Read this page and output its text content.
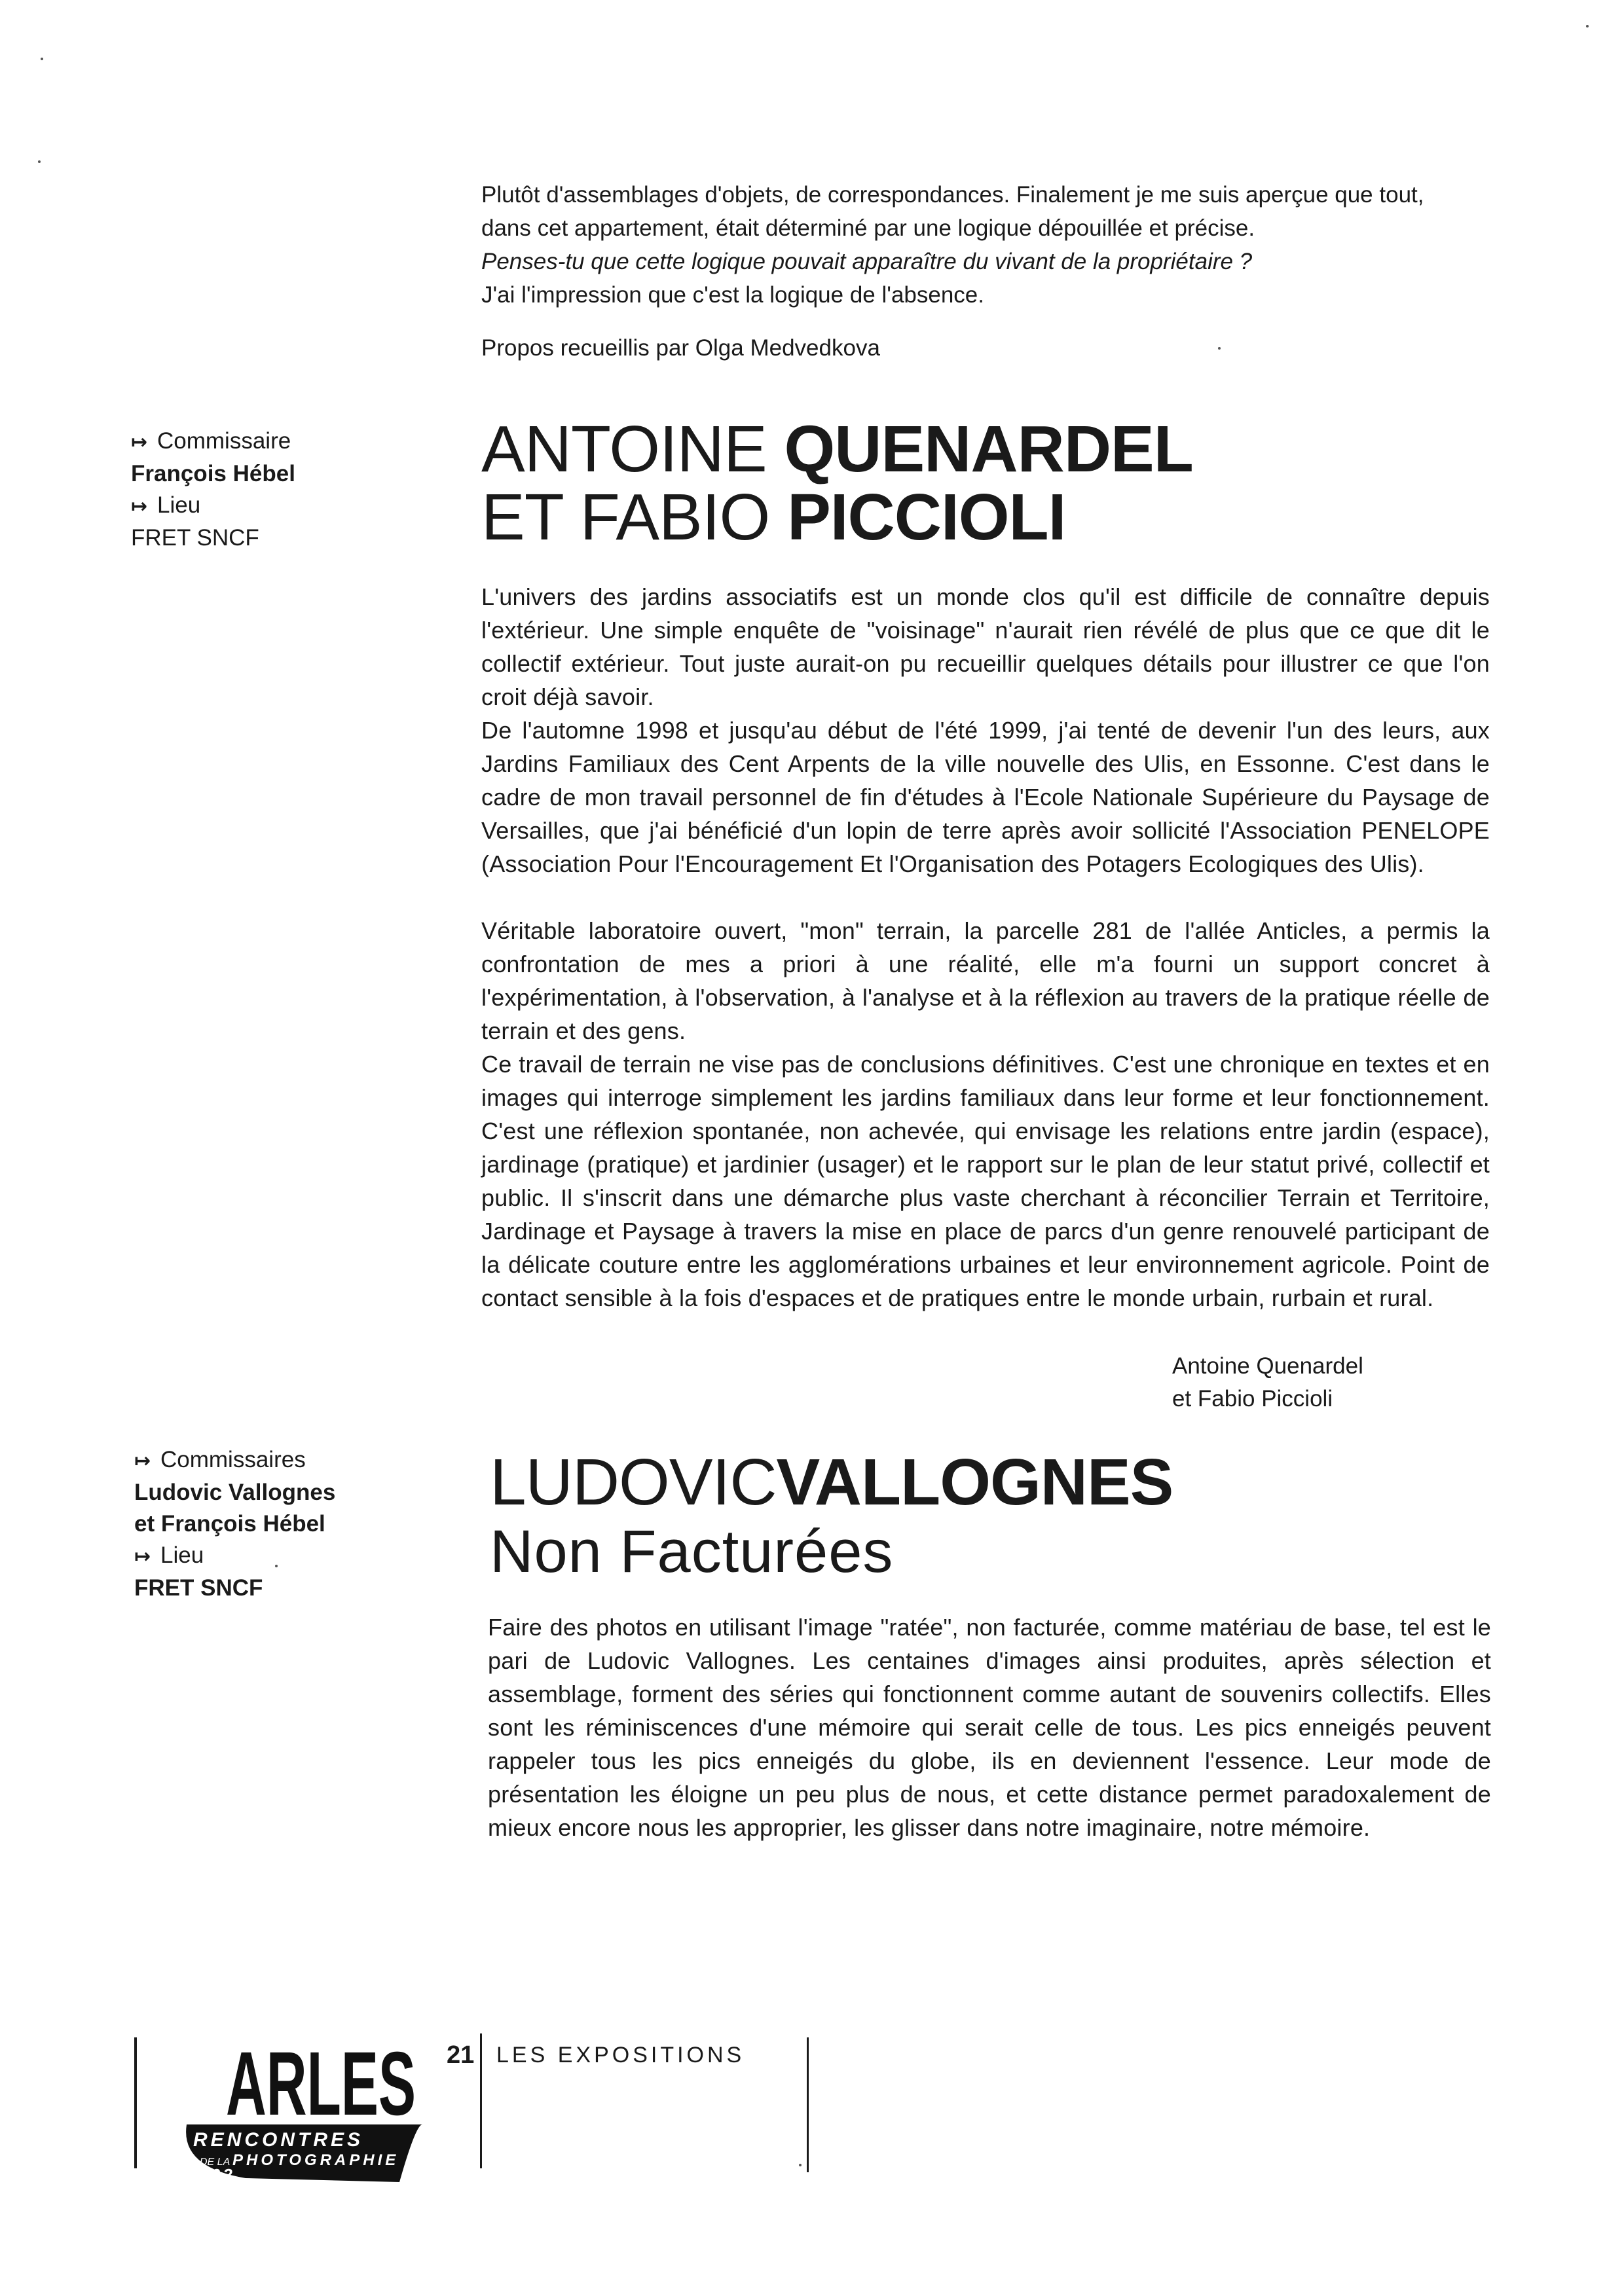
Plutôt d'assemblages d'objets, de correspondances. Finalement je me suis aperçue que tout,

dans cet appartement, était déterminé par une logique dépouillée et précise.

Penses-tu que cette logique pouvait apparaître du vivant de la propriétaire ?

J'ai l'impression que c'est la logique de l'absence.

Propos recueillis par Olga Medvedkova

↦ Commissaire
François Hébel
↦ Lieu
FRET SNCF
ANTOINE QUENARDEL
ET FABIO PICCIOLI

L'univers des jardins associatifs est un monde clos qu'il est difficile de connaître depuis l'extérieur. Une simple enquête de "voisinage" n'aurait rien révélé de plus que ce que dit le collectif extérieur. Tout juste aurait-on pu recueillir quelques détails pour illustrer ce que l'on croit déjà savoir.

De l'automne 1998 et jusqu'au début de l'été 1999, j'ai tenté de devenir l'un des leurs, aux Jardins Familiaux des Cent Arpents de la ville nouvelle des Ulis, en Essonne. C'est dans le cadre de mon travail personnel de fin d'études à l'Ecole Nationale Supérieure du Paysage de Versailles, que j'ai bénéficié d'un lopin de terre après avoir sollicité l'Association PENELOPE (Association Pour l'Encouragement Et l'Organisation des Potagers Ecologiques des Ulis).

Véritable laboratoire ouvert, "mon" terrain, la parcelle 281 de l'allée Anticles, a permis la confrontation de mes a priori à une réalité, elle m'a fourni un support concret à l'expérimentation, à l'observation, à l'analyse et à la réflexion au travers de la pratique réelle de terrain et des gens.

Ce travail de terrain ne vise pas de conclusions définitives. C'est une chronique en textes et en images qui interroge simplement les jardins familiaux dans leur forme et leur fonctionnement. C'est une réflexion spontanée, non achevée, qui envisage les relations entre jardin (espace), jardinage (pratique) et jardinier (usager) et le rapport sur le plan de leur statut privé, collectif et public. Il s'inscrit dans une démarche plus vaste cherchant à réconcilier Terrain et Territoire, Jardinage et Paysage à travers la mise en place de parcs d'un genre renouvelé participant de la délicate couture entre les agglomérations urbaines et leur environnement agricole. Point de contact sensible à la fois d'espaces et de pratiques entre le monde urbain, rurbain et rural.

Antoine Quenardel
et Fabio Piccioli
↦ Commissaires
Ludovic Vallognes
et François Hébel
↦ Lieu
FRET SNCF
LUDOVICVALLOGNES
Non Facturées

Faire des photos en utilisant l'image "ratée", non facturée, comme matériau de base, tel est le pari de Ludovic Vallognes. Les centaines d'images ainsi produites, après sélection et assemblage, forment des séries qui fonctionnent comme autant de souvenirs collectifs. Elles sont les réminiscences d'une mémoire qui serait celle de tous. Les pics enneigés peuvent rappeler tous les pics enneigés du globe, ils en deviennent l'essence. Leur mode de présentation les éloigne un peu plus de nous, et cette distance permet paradoxalement de mieux encore nous les approprier, les glisser dans notre imaginaire, notre mémoire.

ARLES
RENCONTRES
DE LA PHOTOGRAPHIE
2002
21 LES EXPOSITIONS
